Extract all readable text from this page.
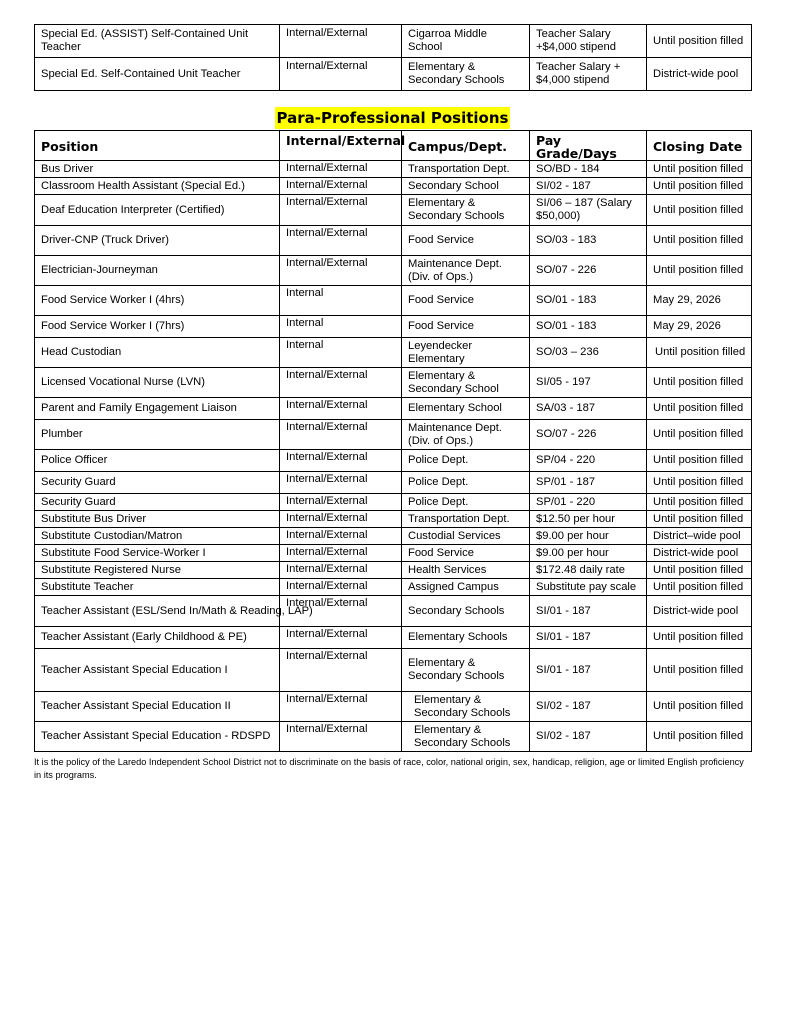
Special Ed. (ASSIST) Self-Contained Unit Teacher	Internal/External	Cigarroa Middle School	Teacher Salary +$4,000 stipend	Until position filled
Special Ed. Self-Contained Unit Teacher	Internal/External	Elementary & Secondary Schools	Teacher Salary + $4,000 stipend	District-wide pool
Para-Professional Positions
Position	Internal/External	Campus/Dept.	Pay Grade/Days	Closing Date
Bus Driver	Internal/External	Transportation Dept.	SO/BD - 184	Until position filled
Classroom Health Assistant (Special Ed.)	Internal/External	Secondary School	SI/02 - 187	Until position filled
Deaf Education Interpreter (Certified)	Internal/External	Elementary & Secondary Schools	SI/06 – 187 (Salary $50,000)	Until position filled
Driver-CNP (Truck Driver)	Internal/External	Food Service	SO/03 - 183	Until position filled
Electrician-Journeyman	Internal/External	Maintenance Dept. (Div. of Ops.)	SO/07 - 226	Until position filled
Food Service Worker I (4hrs)	Internal	Food Service	SO/01 - 183	May 29, 2026
Food Service Worker I (7hrs)	Internal	Food Service	SO/01 - 183	May 29, 2026
Head Custodian	Internal	Leyendecker Elementary	SO/03 – 236	Until position filled
Licensed Vocational Nurse (LVN)	Internal/External	Elementary & Secondary School	SI/05 - 197	Until position filled
Parent and Family Engagement Liaison	Internal/External	Elementary School	SA/03 - 187	Until position filled
Plumber	Internal/External	Maintenance Dept. (Div. of Ops.)	SO/07 - 226	Until position filled
Police Officer	Internal/External	Police Dept.	SP/04 - 220	Until position filled
Security Guard	Internal/External	Police Dept.	SP/01 - 187	Until position filled
Security Guard	Internal/External	Police Dept.	SP/01 - 220	Until position filled
Substitute Bus Driver	Internal/External	Transportation Dept.	$12.50 per hour	Until position filled
Substitute Custodian/Matron	Internal/External	Custodial Services	$9.00 per hour	District–wide pool
Substitute Food Service-Worker I	Internal/External	Food Service	$9.00 per hour	District-wide pool
Substitute Registered Nurse	Internal/External	Health Services	$172.48 daily rate	Until position filled
Substitute Teacher	Internal/External	Assigned Campus	Substitute pay scale	Until position filled
Teacher Assistant (ESL/Send In/Math & Reading, LAP)	Internal/External	Secondary Schools	SI/01 - 187	District-wide pool
Teacher Assistant (Early Childhood & PE)	Internal/External	Elementary Schools	SI/01 - 187	Until position filled
Teacher Assistant Special Education I	Internal/External	Elementary & Secondary Schools	SI/01 - 187	Until position filled
Teacher Assistant Special Education II	Internal/External	Elementary & Secondary Schools	SI/02 - 187	Until position filled
Teacher Assistant Special Education - RDSPD	Internal/External	Elementary & Secondary Schools	SI/02 - 187	Until position filled
It is the policy of the Laredo Independent School District not to discriminate on the basis of race, color, national origin, sex, handicap, religion, age or limited English proficiency in its programs.
